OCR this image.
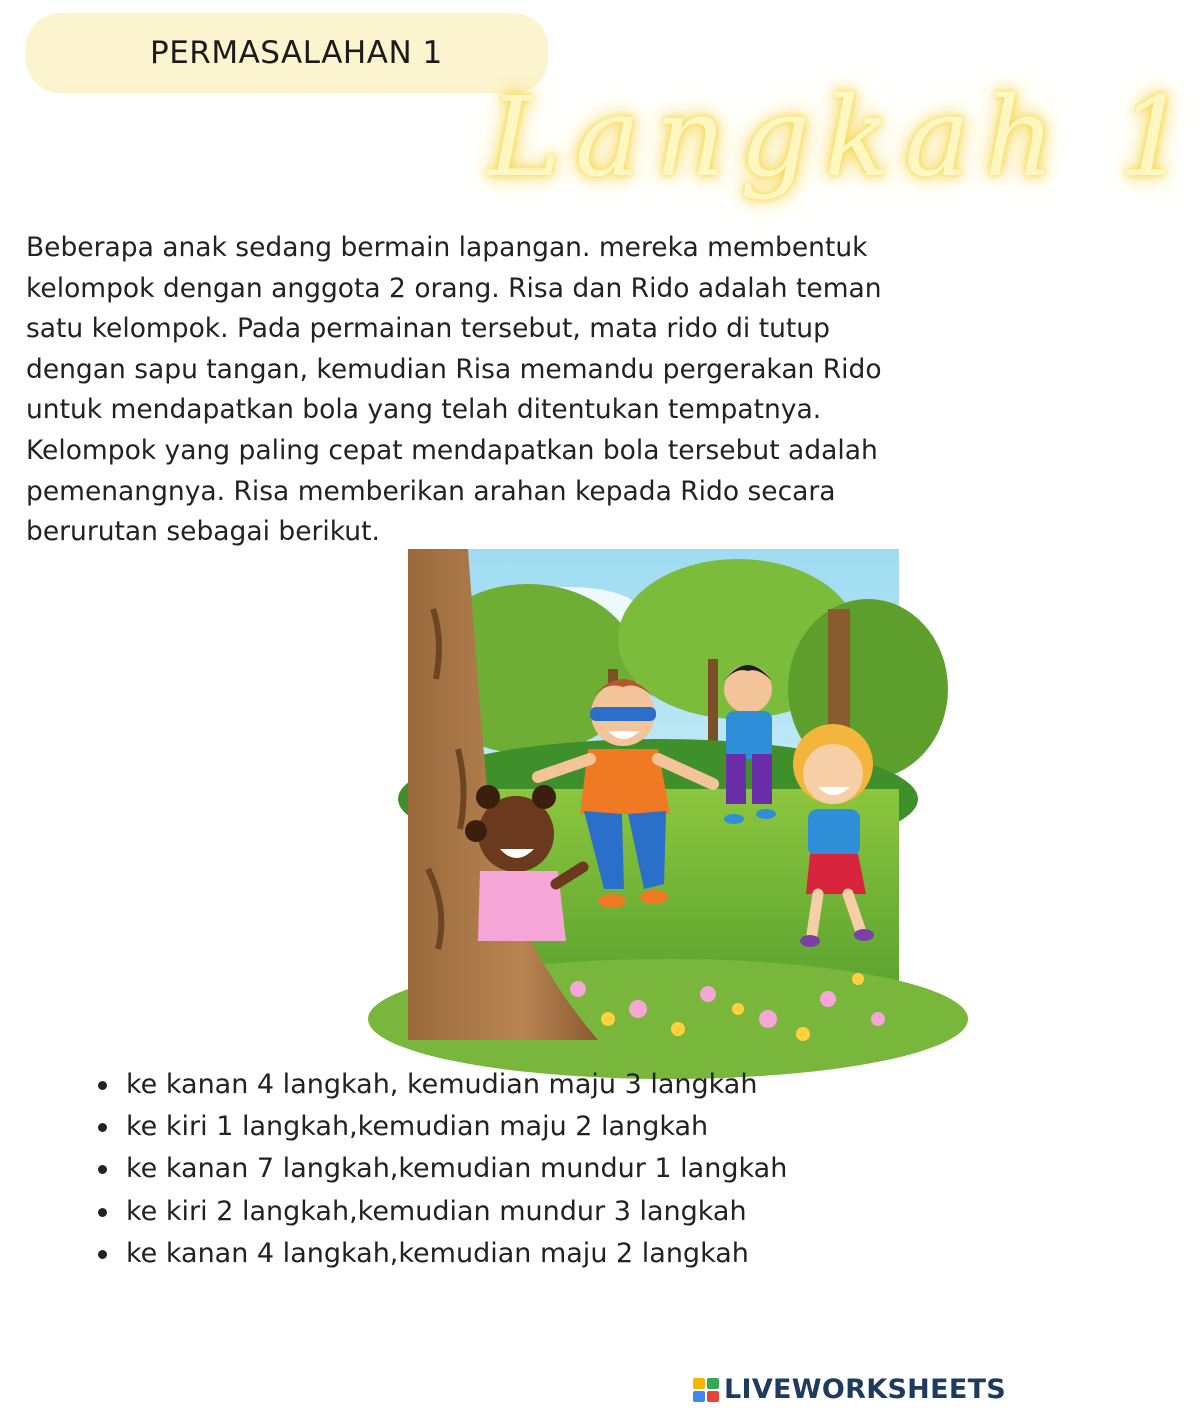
PERMASALAHAN 1
Langkah 1

Beberapa anak sedang bermain lapangan. mereka membentuk kelompok dengan anggota 2 orang. Risa dan Rido adalah teman satu kelompok. Pada permainan tersebut, mata rido di tutup dengan sapu tangan, kemudian Risa memandu pergerakan Rido untuk mendapatkan bola yang telah ditentukan tempatnya. Kelompok yang paling cepat mendapatkan bola tersebut adalah pemenangnya. Risa memberikan arahan kepada Rido secara berurutan sebagai berikut.

ke kanan 4 langkah, kemudian maju 3 langkah
ke kiri 1 langkah,kemudian maju 2 langkah
ke kanan 7 langkah,kemudian mundur 1 langkah
ke kiri 2 langkah,kemudian mundur 3 langkah
ke kanan 4 langkah,kemudian maju 2 langkah
LIVEWORKSHEETS
